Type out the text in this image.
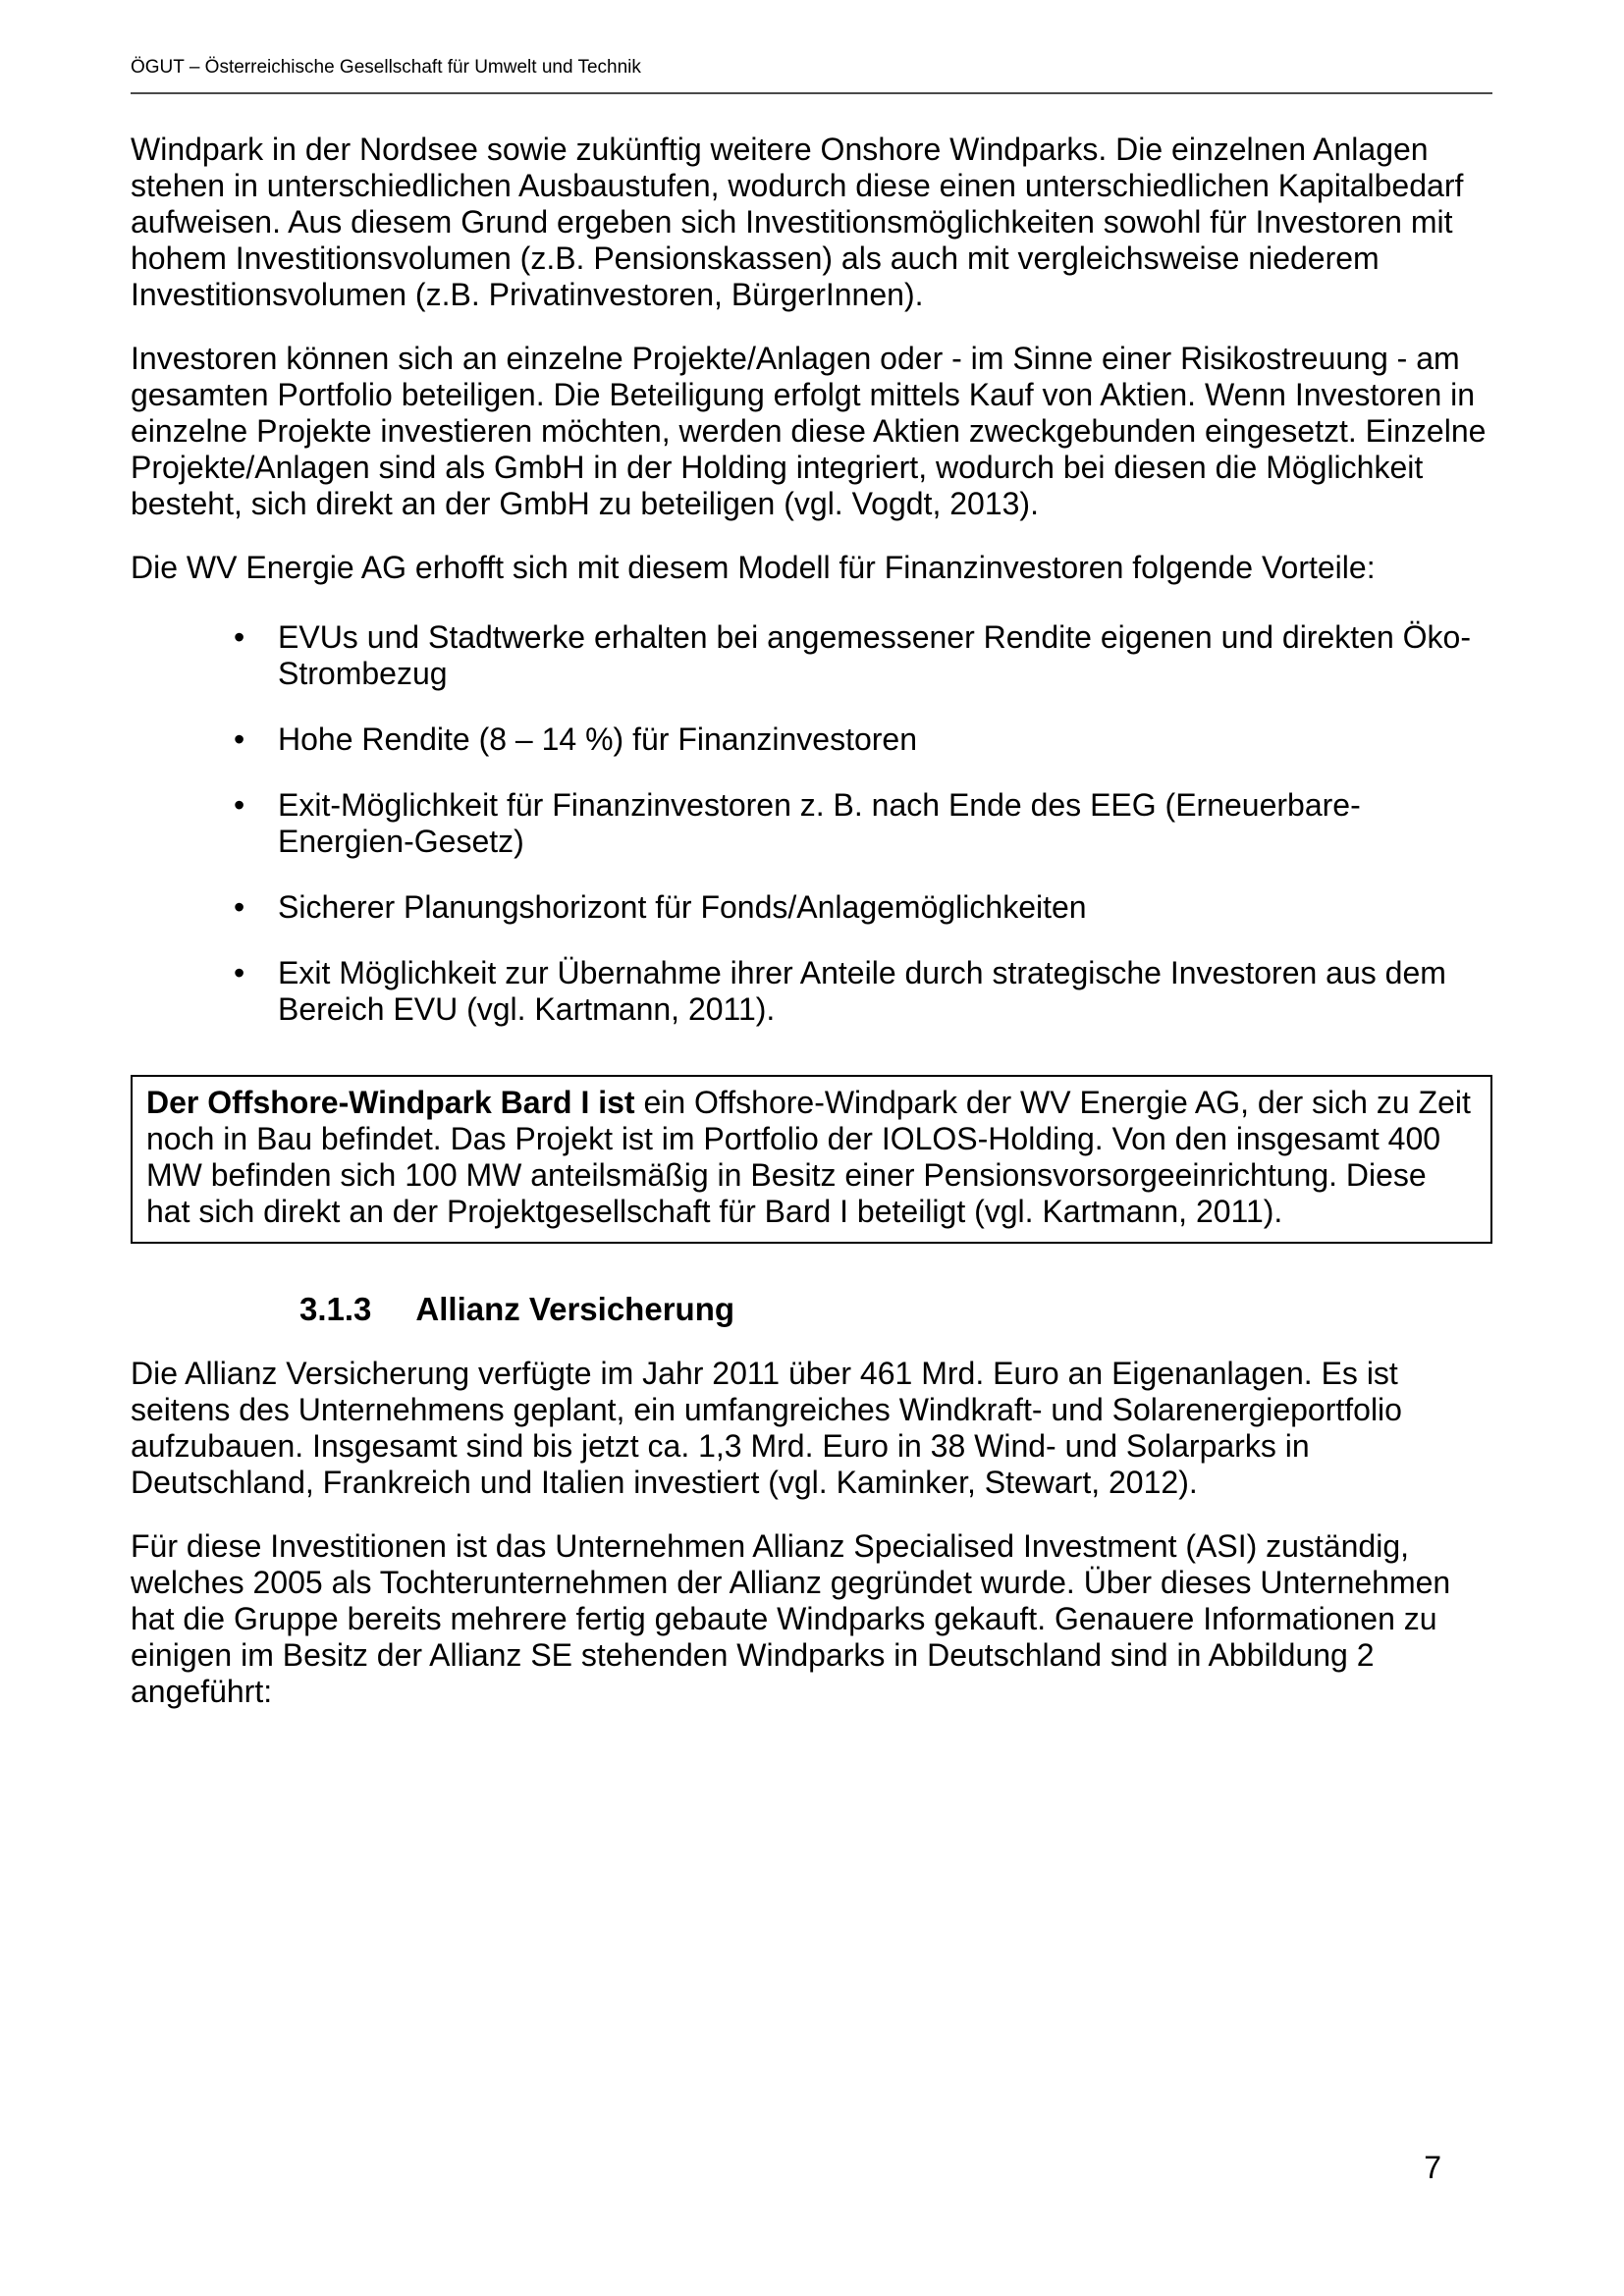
ÖGUT – Österreichische Gesellschaft für Umwelt und Technik

Windpark in der Nordsee sowie zukünftig weitere Onshore Windparks. Die einzelnen Anlagen stehen in unterschiedlichen Ausbaustufen, wodurch diese einen unterschiedlichen Kapitalbedarf aufweisen. Aus diesem Grund ergeben sich Investitionsmöglichkeiten sowohl für Investoren mit hohem Investitionsvolumen (z.B. Pensionskassen) als auch mit vergleichsweise niederem Investitionsvolumen (z.B. Privatinvestoren, BürgerInnen).

Investoren können sich an einzelne Projekte/Anlagen oder - im Sinne einer Risikostreuung - am gesamten Portfolio beteiligen. Die Beteiligung erfolgt mittels Kauf von Aktien. Wenn Investoren in einzelne Projekte investieren möchten, werden diese Aktien zweckgebunden eingesetzt. Einzelne Projekte/Anlagen sind als GmbH in der Holding integriert, wodurch bei diesen die Möglichkeit besteht, sich direkt an der GmbH zu beteiligen (vgl. Vogdt, 2013).

Die WV Energie AG erhofft sich mit diesem Modell für Finanzinvestoren folgende Vorteile:

• EVUs und Stadtwerke erhalten bei angemessener Rendite eigenen und direkten Öko-Strombezug
• Hohe Rendite (8 – 14 %) für Finanzinvestoren
• Exit-Möglichkeit für Finanzinvestoren z. B. nach Ende des EEG (Erneuerbare-Energien-Gesetz)
• Sicherer Planungshorizont für Fonds/Anlagemöglichkeiten
• Exit Möglichkeit zur Übernahme ihrer Anteile durch strategische Investoren aus dem Bereich EVU (vgl. Kartmann, 2011).
Der Offshore-Windpark Bard I ist ein Offshore-Windpark der WV Energie AG, der sich zu Zeit noch in Bau befindet. Das Projekt ist im Portfolio der IOLOS-Holding. Von den insgesamt 400 MW befinden sich 100 MW anteilsmäßig in Besitz einer Pensionsvorsorgeeinrichtung. Diese hat sich direkt an der Projektgesellschaft für Bard I beteiligt (vgl. Kartmann, 2011).
3.1.3 Allianz Versicherung

Die Allianz Versicherung verfügte im Jahr 2011 über 461 Mrd. Euro an Eigenanlagen. Es ist seitens des Unternehmens geplant, ein umfangreiches Windkraft- und Solarenergieportfolio aufzubauen. Insgesamt sind bis jetzt ca. 1,3 Mrd. Euro in 38 Wind- und Solarparks in Deutschland, Frankreich und Italien investiert (vgl. Kaminker, Stewart, 2012).

Für diese Investitionen ist das Unternehmen Allianz Specialised Investment (ASI) zuständig, welches 2005 als Tochterunternehmen der Allianz gegründet wurde. Über dieses Unternehmen hat die Gruppe bereits mehrere fertig gebaute Windparks gekauft. Genauere Informationen zu einigen im Besitz der Allianz SE stehenden Windparks in Deutschland sind in Abbildung 2 angeführt:

7
